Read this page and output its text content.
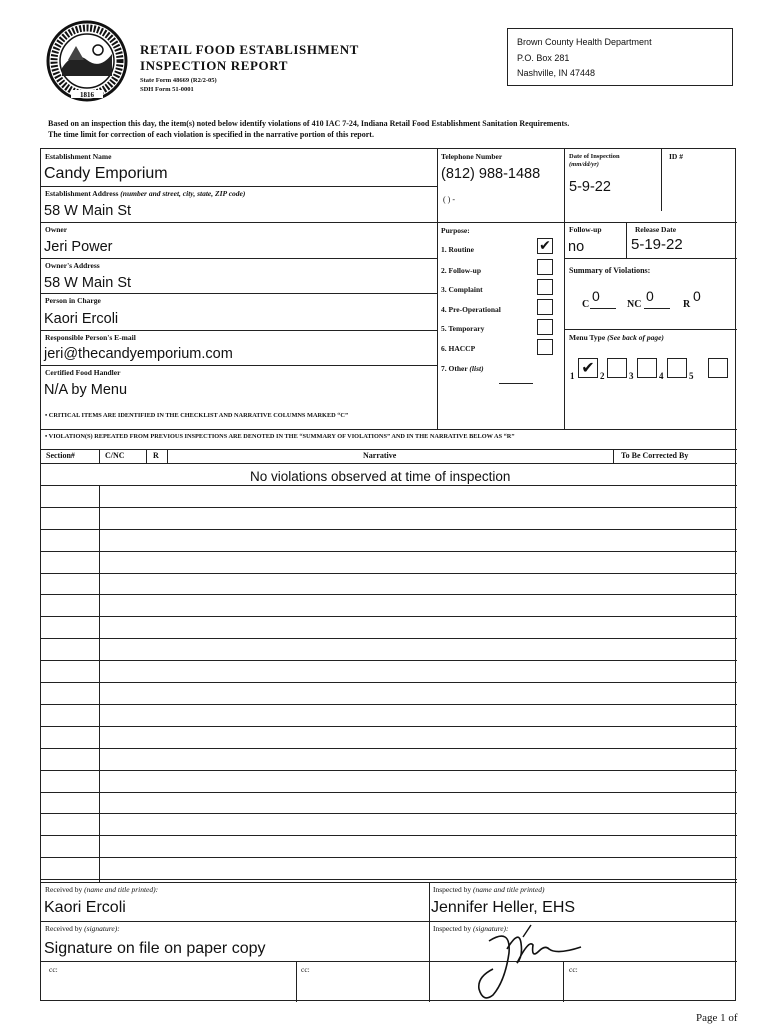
1816
RETAIL FOOD ESTABLISHMENT
INSPECTION REPORT
State Form 48669 (R2/2-05)
SDH Form 51-0001
Brown County Health Department
P.O. Box 281
Nashville, IN 47448
Based on an inspection this day, the item(s) noted below identify violations of 410 IAC 7-24, Indiana Retail Food Establishment Sanitation Requirements.
The time limit for correction of each violation is specified in the narrative portion of this report.
Establishment Name
Candy Emporium
Establishment Address (number and street, city, state, ZIP code)
58 W Main St
Owner
Jeri Power
Owner's Address
58 W Main St
Person in Charge
Kaori Ercoli
Responsible Person's E-mail
jeri@thecandyemporium.com
Certified Food Handler
N/A by Menu
Telephone Number
(812) 988-1488
( ) -
Purpose:
1. Routine	✔
2. Follow-up
3. Complaint
4. Pre-Operational
5. Temporary
6. HACCP
7. Other (list)
Date of Inspection
(mm/dd/yr)
5-9-22
ID #
Follow-up
no
Release Date
5-19-22
Summary of Violations:
C
0
NC
0
R
0
Menu Type (See back of page)
1 ✔ 2	3	4	5
• CRITICAL ITEMS ARE IDENTIFIED IN THE CHECKLIST AND NARRATIVE COLUMNS MARKED “C”
• VIOLATION(S) REPEATED FROM PREVIOUS INSPECTIONS ARE DENOTED IN THE “SUMMARY OF VIOLATIONS” AND IN THE NARRATIVE BELOW AS “R”
Section#	C/NC	R	Narrative	To Be Corrected By
No violations observed at time of inspection
Received by (name and title printed):
Kaori Ercoli
Inspected by (name and title printed)
Jennifer Heller, EHS
Received by (signature):
Signature on file on paper copy
Inspected by (signature):
cc:	cc:	cc:
Page 1 of
